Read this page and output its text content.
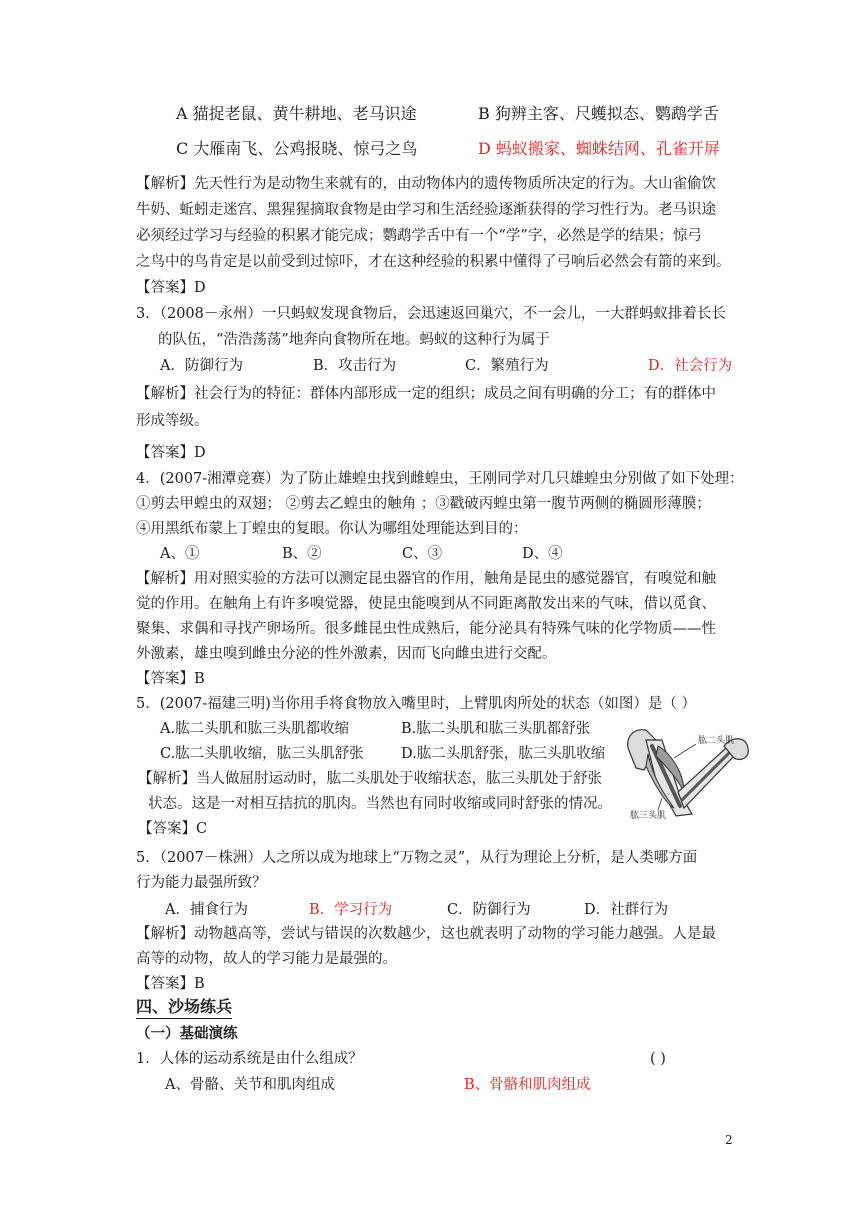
A 猫捉老鼠、黄牛耕地、老马识途	B 狗辨主客、尺蠖拟态、鹦鹉学舌
C 大雁南飞、公鸡报晓、惊弓之鸟	D 蚂蚁搬家、蜘蛛结网、孔雀开屏
【解析】先天性行为是动物生来就有的，由动物体内的遗传物质所决定的行为。大山雀偷饮
牛奶、蚯蚓走迷宫、黑猩猩摘取食物是由学习和生活经验逐渐获得的学习性行为。老马识途
必须经过学习与经验的积累才能完成；鹦鹉学舌中有一个“学”字，必然是学的结果；惊弓
之鸟中的鸟肯定是以前受到过惊吓，才在这种经验的积累中懂得了弓响后必然会有箭的来到。
【答案】D
3．（2008－永州）一只蚂蚁发现食物后，会迅速返回巢穴，不一会儿，一大群蚂蚁排着长长
的队伍，“浩浩荡荡”地奔向食物所在地。蚂蚁的这种行为属于
A．防御行为	B．攻击行为	C．繁殖行为	D．社会行为
【解析】社会行为的特征：群体内部形成一定的组织；成员之间有明确的分工；有的群体中
形成等级。
【答案】D
4．(2007-湘潭竞赛）为了防止雄蝗虫找到雌蝗虫，王刚同学对几只雄蝗虫分别做了如下处理：
①剪去甲蝗虫的双翅； ②剪去乙蝗虫的触角 ；③戳破丙蝗虫第一腹节两侧的椭圆形薄膜；
④用黑纸布蒙上丁蝗虫的复眼。你认为哪组处理能达到目的：
A、①	B、②	C、③	D、④
【解析】用对照实验的方法可以测定昆虫器官的作用，触角是昆虫的感觉器官，有嗅觉和触
觉的作用。在触角上有许多嗅觉器，使昆虫能嗅到从不同距离散发出来的气味，借以觅食、
聚集、求偶和寻找产卵场所。很多雌昆虫性成熟后，能分泌具有特殊气味的化学物质——性
外激素，雄虫嗅到雌虫分泌的性外激素，因而飞向雌虫进行交配。
【答案】B
5．(2007-福建三明)当你用手将食物放入嘴里时，上臂肌肉所处的状态（如图）是（ ）
A.肱二头肌和肱三头肌都收缩	B.肱二头肌和肱三头肌都舒张
C.肱二头肌收缩，肱三头肌舒张	D.肱二头肌舒张，肱三头肌收缩
【解析】当人做屈肘运动时，肱二头肌处于收缩状态，肱三头肌处于舒张
状态。这是一对相互拮抗的肌肉。当然也有同时收缩或同时舒张的情况。
【答案】C
肱二头肌
肱三头肌
5．（2007－株洲）人之所以成为地球上“万物之灵”，从行为理论上分析，是人类哪方面
行为能力最强所致？
A．捕食行为	B．学习行为	C．防御行为	D．社群行为
【解析】动物越高等，尝试与错误的次数越少，这也就表明了动物的学习能力越强。人是最
高等的动物，故人的学习能力是最强的。
【答案】B
四、沙场练兵
（一）基础演练
1．人体的运动系统是由什么组成？	( )
A、骨骼、关节和肌肉组成	B、骨骼和肌肉组成
2
